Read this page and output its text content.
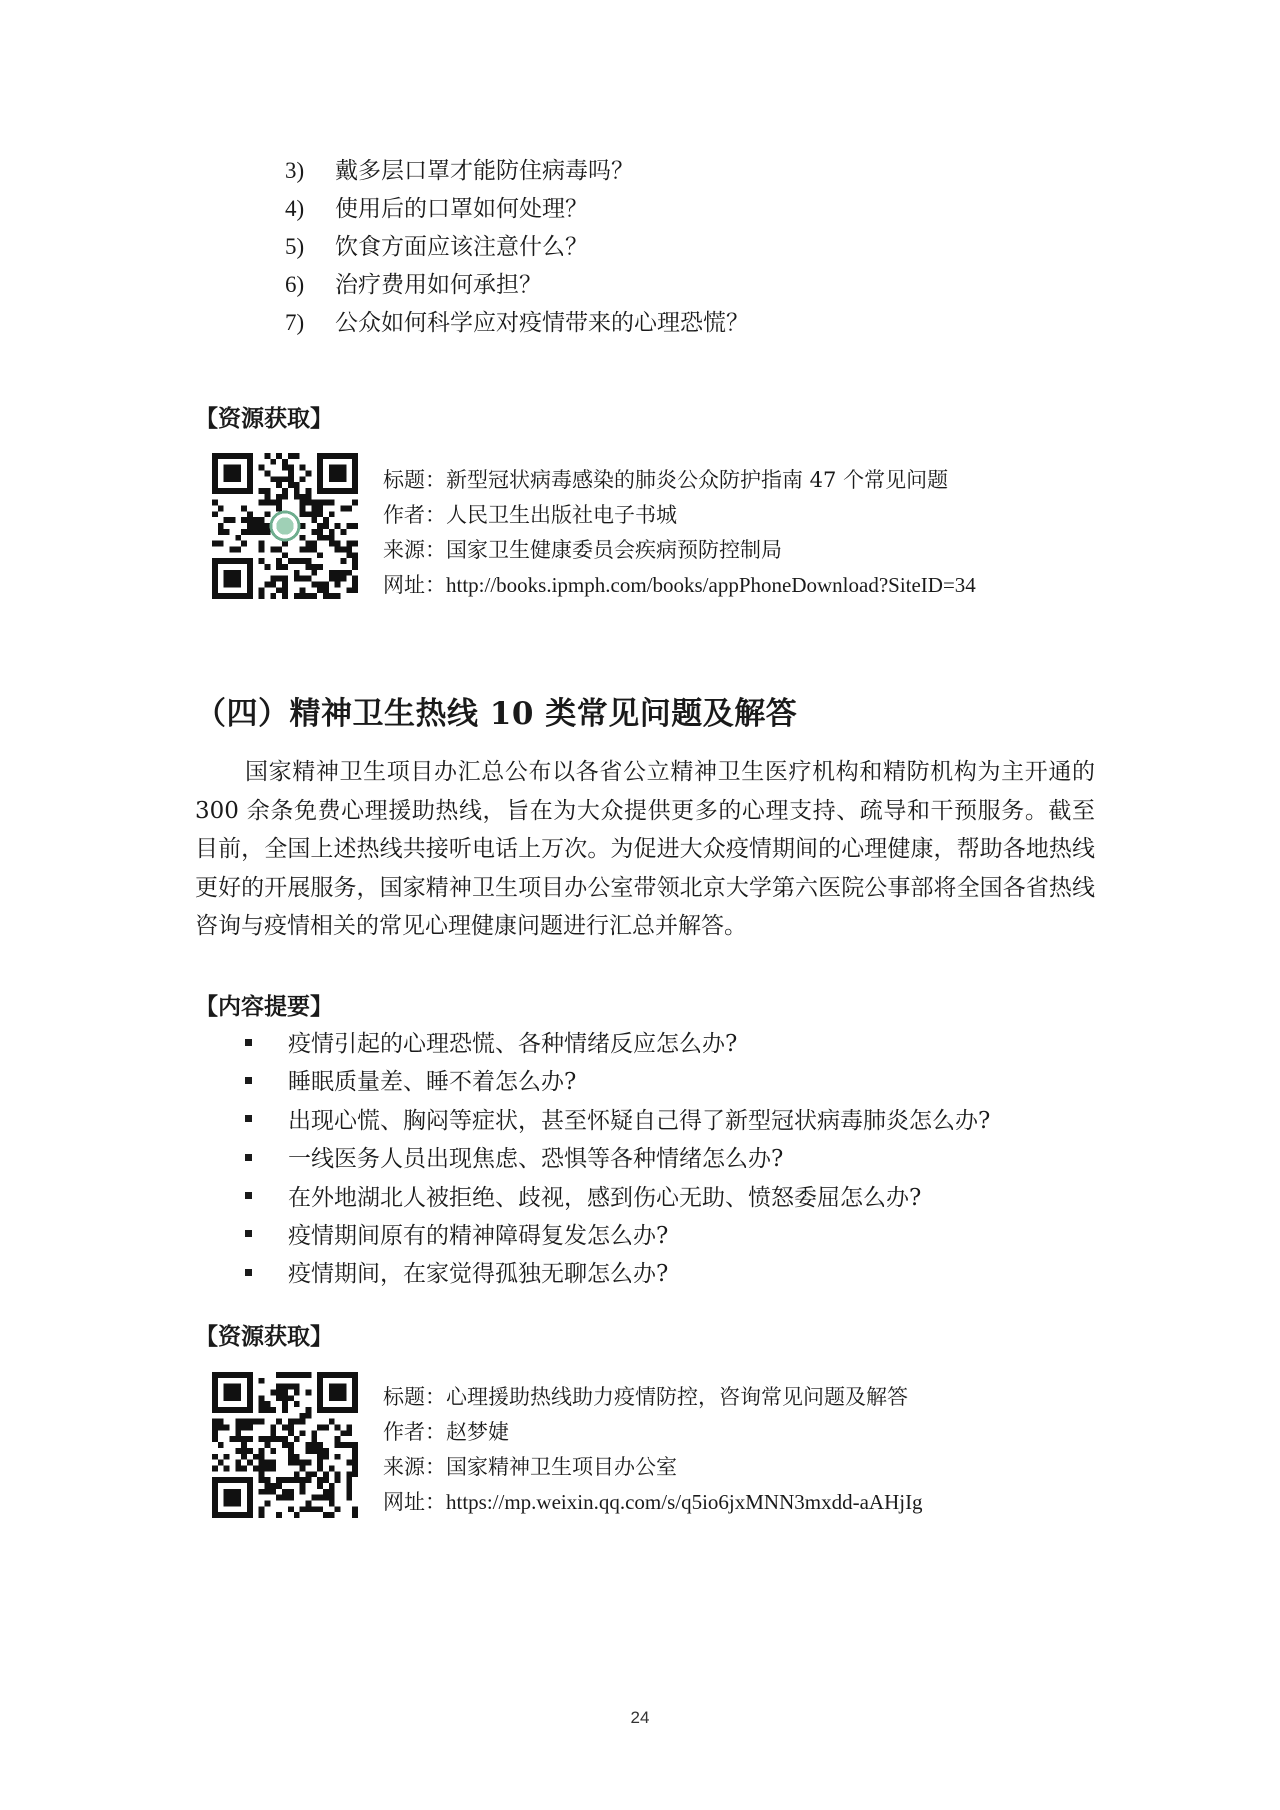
3) 戴多层口罩才能防住病毒吗？
4) 使用后的口罩如何处理？
5) 饮食方面应该注意什么？
6) 治疗费用如何承担？
7) 公众如何科学应对疫情带来的心理恐慌？
【资源获取】
标题：新型冠状病毒感染的肺炎公众防护指南 47 个常见问题
作者：人民卫生出版社电子书城
来源：国家卫生健康委员会疾病预防控制局
网址：http://books.ipmph.com/books/appPhoneDownload?SiteID=34
（四）精神卫生热线 10 类常见问题及解答

国家精神卫生项目办汇总公布以各省公立精神卫生医疗机构和精防机构为主开通的 300 余条免费心理援助热线，旨在为大众提供更多的心理支持、疏导和干预服务。截至目前，全国上述热线共接听电话上万次。为促进大众疫情期间的心理健康，帮助各地热线更好的开展服务，国家精神卫生项目办公室带领北京大学第六医院公事部将全国各省热线咨询与疫情相关的常见心理健康问题进行汇总并解答。

【内容提要】
疫情引起的心理恐慌、各种情绪反应怎么办?
睡眠质量差、睡不着怎么办?
出现心慌、胸闷等症状，甚至怀疑自己得了新型冠状病毒肺炎怎么办?
一线医务人员出现焦虑、恐惧等各种情绪怎么办?
在外地湖北人被拒绝、歧视，感到伤心无助、愤怒委屈怎么办?
疫情期间原有的精神障碍复发怎么办?
疫情期间，在家觉得孤独无聊怎么办?
【资源获取】
标题：心理援助热线助力疫情防控，咨询常见问题及解答
作者：赵梦婕
来源：国家精神卫生项目办公室
网址：https://mp.weixin.qq.com/s/q5io6jxMNN3mxdd-aAHjIg
24
